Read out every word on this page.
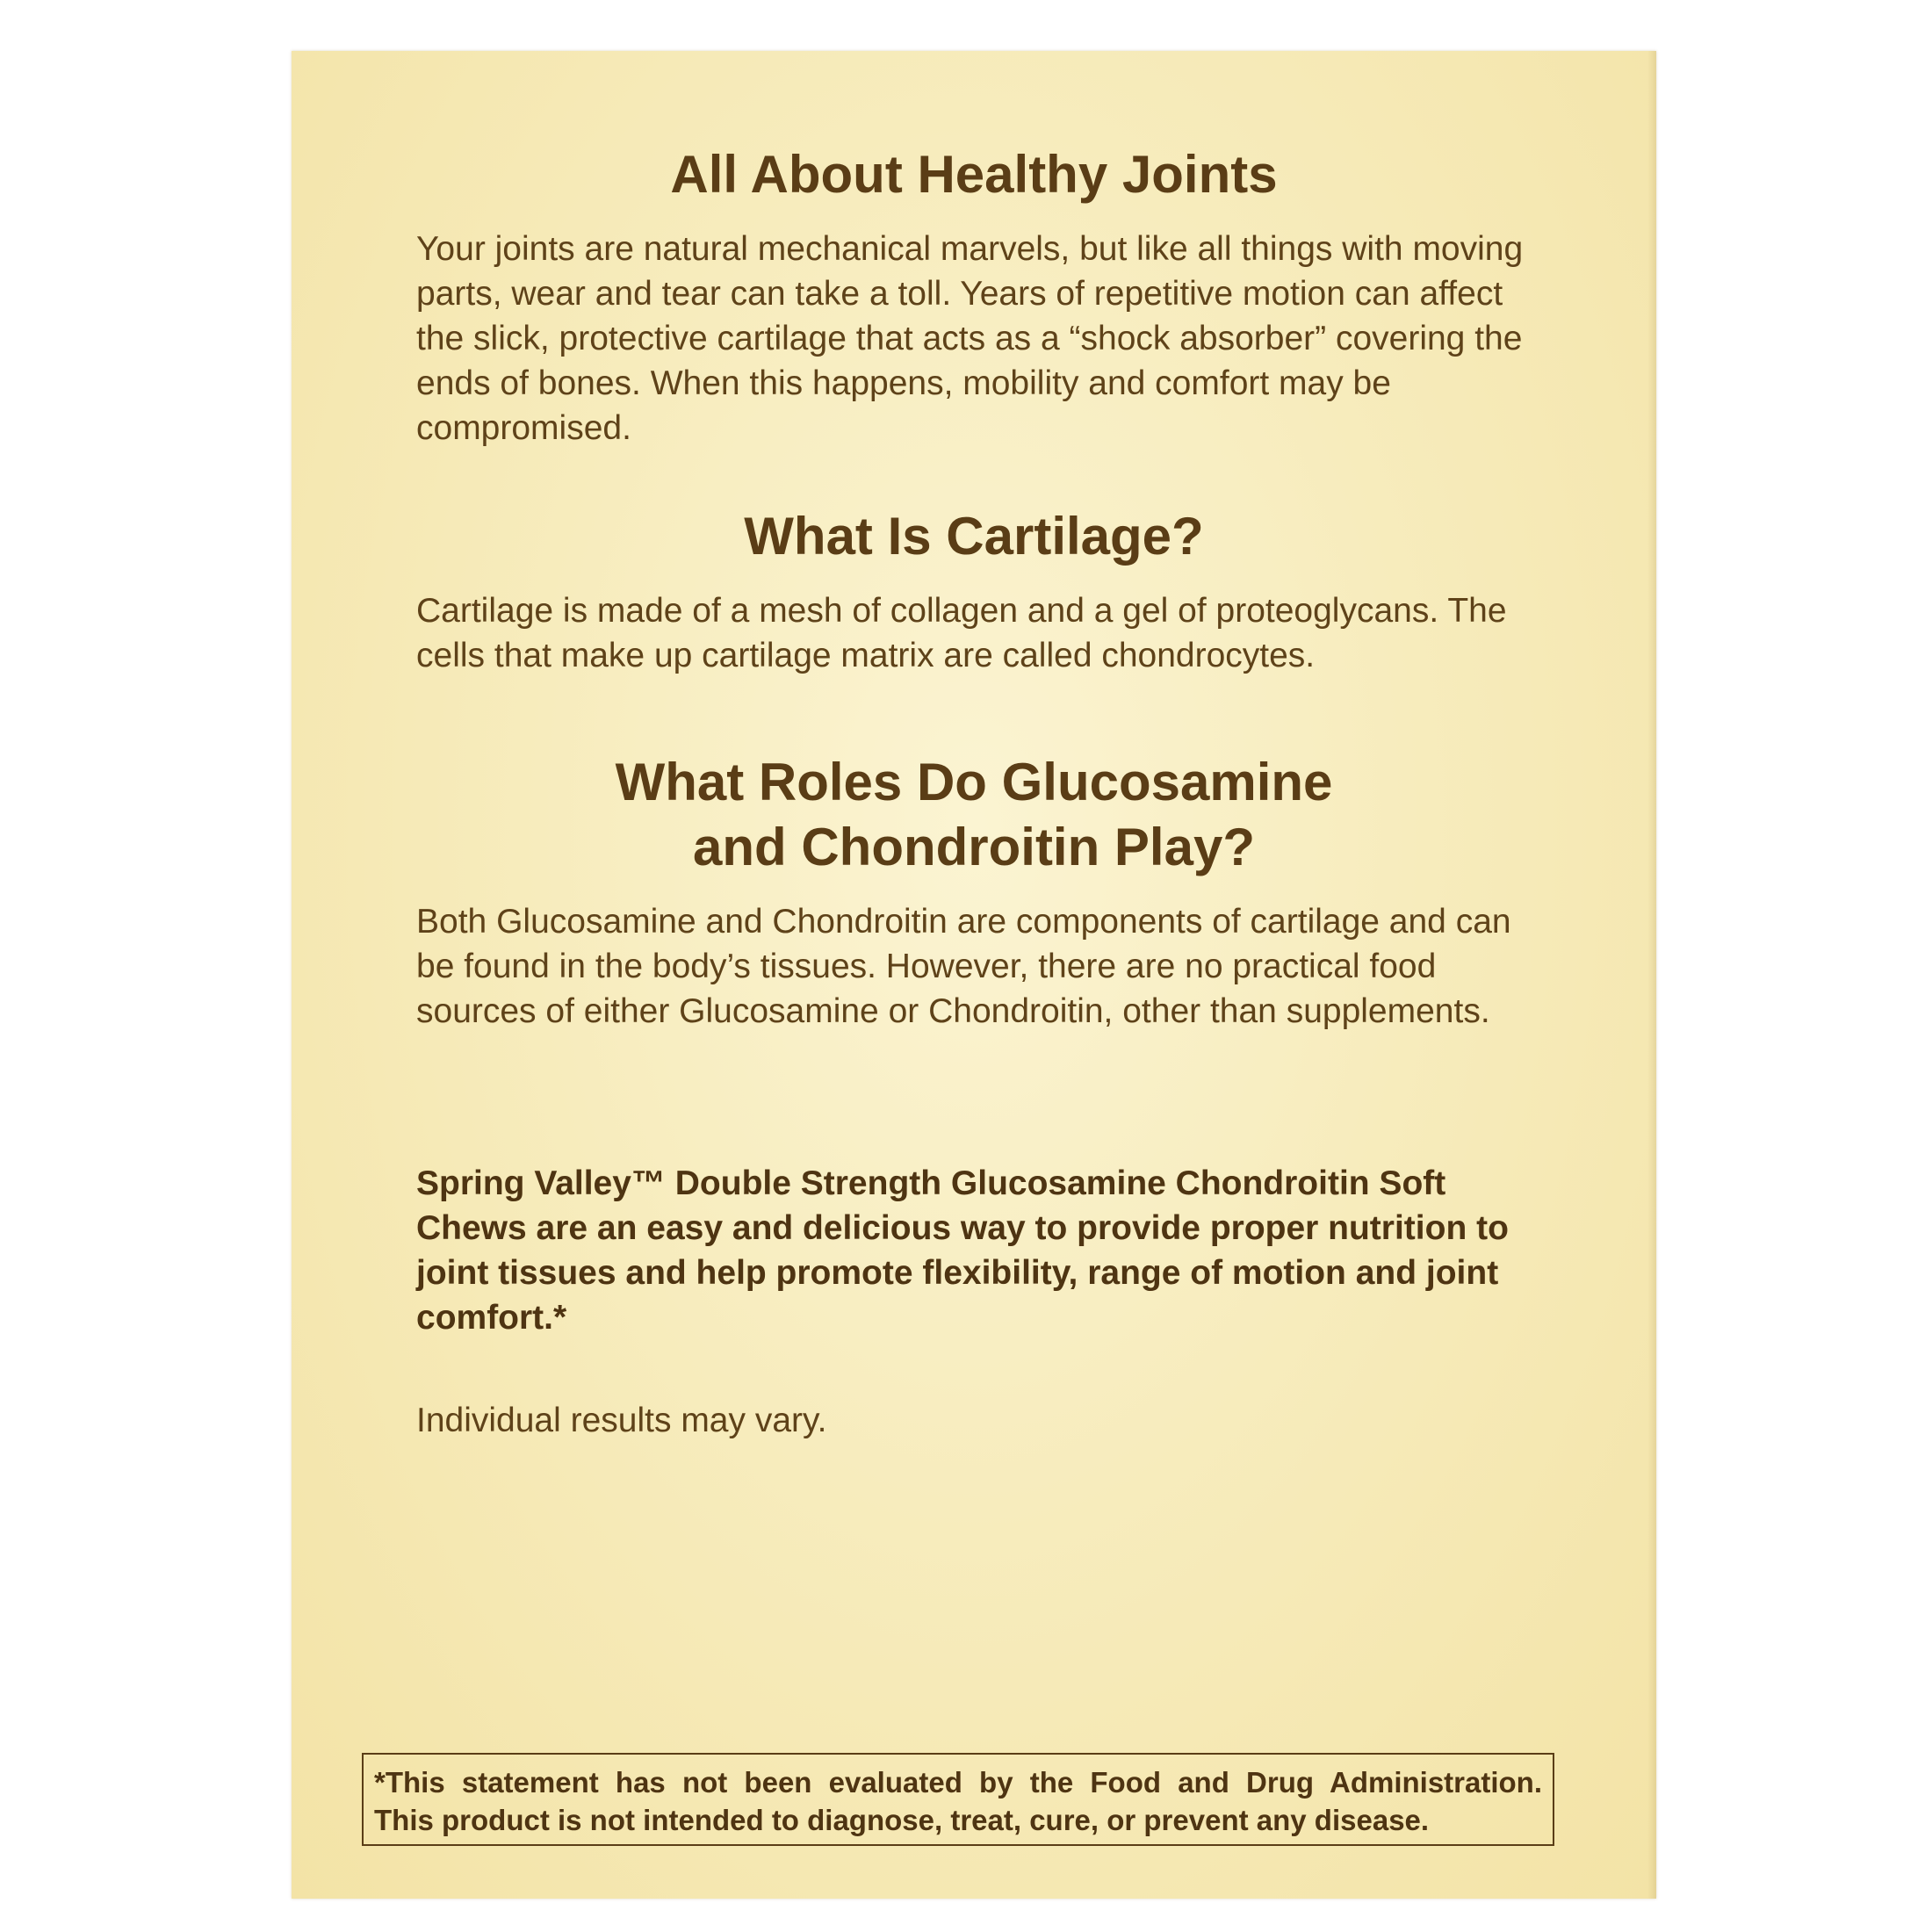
All About Healthy Joints

Your joints are natural mechanical marvels, but like all things with moving parts, wear and tear can take a toll. Years of repetitive motion can affect the slick, protective cartilage that acts as a “shock absorber” covering the ends of bones. When this happens, mobility and comfort may be compromised.

What Is Cartilage?

Cartilage is made of a mesh of collagen and a gel of proteoglycans. The cells that make up cartilage matrix are called chondrocytes.

What Roles Do Glucosamine
and Chondroitin Play?

Both Glucosamine and Chondroitin are components of cartilage and can be found in the body’s tissues. However, there are no practical food sources of either Glucosamine or Chondroitin, other than supplements.

Spring Valley™ Double Strength Glucosamine Chondroitin Soft Chews are an easy and delicious way to provide proper nutrition to joint tissues and help promote flexibility, range of motion and joint comfort.*

Individual results may vary.

*This statement has not been evaluated by the Food and Drug Administration.
This product is not intended to diagnose, treat, cure, or prevent any disease.
